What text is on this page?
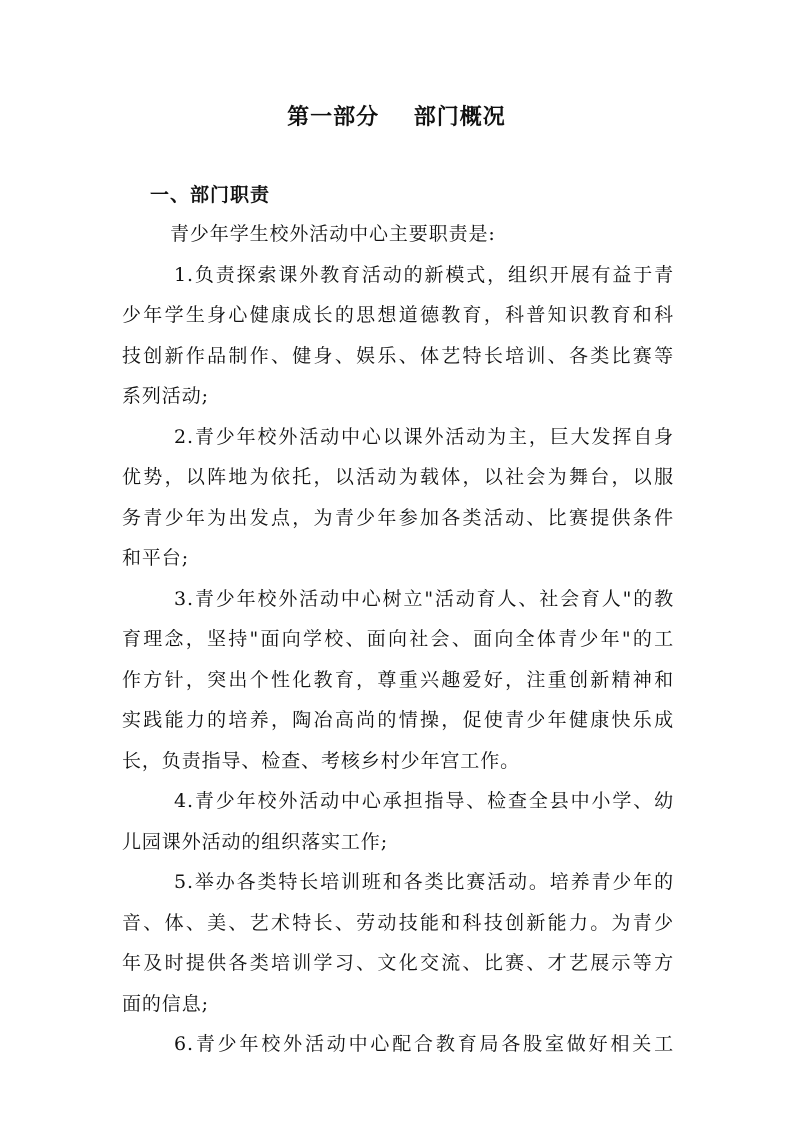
第一部分    部门概况
一、部门职责
青少年学生校外活动中心主要职责是:
1.负责探索课外教育活动的新模式，组织开展有益于青
少年学生身心健康成长的思想道德教育，科普知识教育和科
技创新作品制作、健身、娱乐、体艺特长培训、各类比赛等
系列活动;
2.青少年校外活动中心以课外活动为主，巨大发挥自身
优势，以阵地为依托，以活动为载体，以社会为舞台，以服
务青少年为出发点，为青少年参加各类活动、比赛提供条件
和平台;
3.青少年校外活动中心树立"活动育人、社会育人"的教
育理念，坚持"面向学校、面向社会、面向全体青少年"的工
作方针，突出个性化教育，尊重兴趣爱好，注重创新精神和
实践能力的培养，陶冶高尚的情操，促使青少年健康快乐成
长，负责指导、检查、考核乡村少年宫工作。
4.青少年校外活动中心承担指导、检查全县中小学、幼
儿园课外活动的组织落实工作;
5.举办各类特长培训班和各类比赛活动。培养青少年的
音、体、美、艺术特长、劳动技能和科技创新能力。为青少
年及时提供各类培训学习、文化交流、比赛、才艺展示等方
面的信息;
6.青少年校外活动中心配合教育局各股室做好相关工
